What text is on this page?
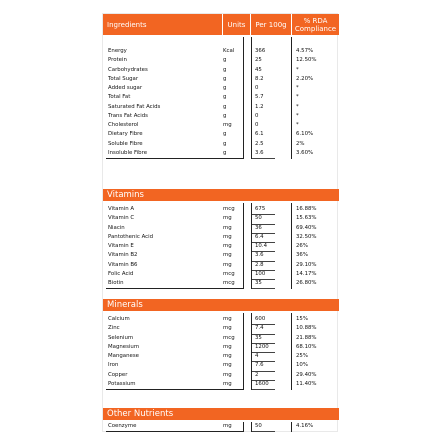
Ingredients	Units Per 100g	% RDA Compliance
Energy	Kcal	366	4.57%
Protein	g	25	12.50%
Carbohydrates	g	45	*
Total Sugar	g	8.2	2.20%
Added sugar	g	0	*
Total Fat	g	5.7	*
Saturated Fat Acids	g	1.2	*
Trans Fat Acids	g	0	*
Cholesterol	mg	0	*
Dietary Fibre	g	6.1	6.10%
Soluble Fibre	g	2.5	2%
Insoluble Fibre	g	3.6	3.60%
Vitamins
Vitamin A	mcg	675	16.88%
Vitamin C	mg	50	15.63%
Niacin	mg	36	69.40%
Pantothenic Acid	mg	6.4	32.50%
Vitamin E	mg	10.4	26%
Vitamin B2	mg	3.6	36%
Vitamin B6	mg	2.8	29.10%
Folic Acid	mcg	100	14.17%
Biotin	mcg	35	26.80%
Minerals
Calcium	mg	600	15%
Zinc	mg	7.4	10.88%
Selenium	mcg	35	21.88%
Magnesium	mg	1200	68.10%
Manganese	mg	4	25%
Iron	mg	7.6	10%
Copper	mg	2	29.40%
Potassium	mg	1600	11.40%
Other Nutrients
Coenzyme	mg	50	4.16%
